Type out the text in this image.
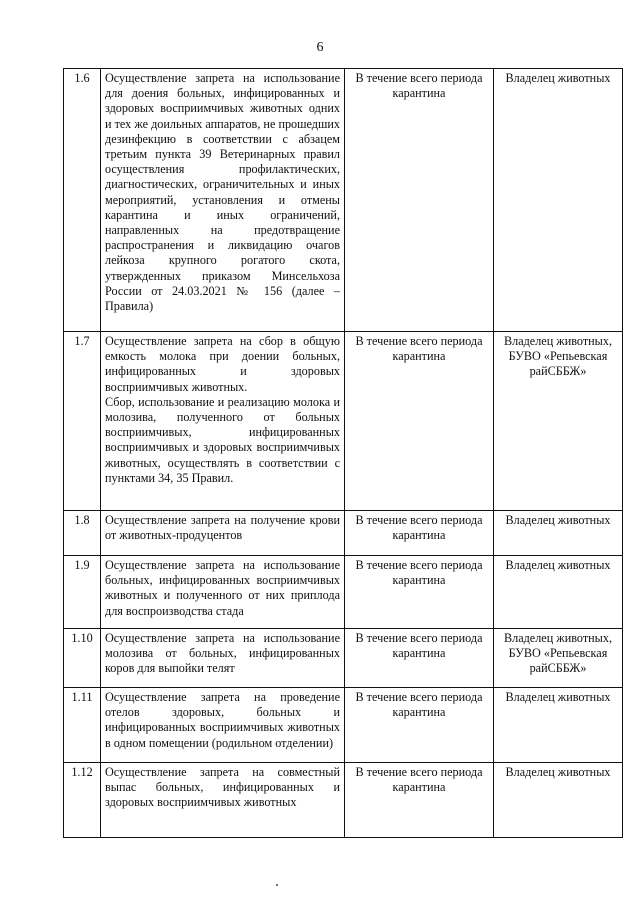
6
1.6	Осуществление запрета на использование для доения больных, инфицированных и здоровых восприимчивых животных одних и тех же доильных аппаратов, не прошедших дезинфекцию в соответствии с абзацем третьим пункта 39 Ветеринарных правил осуществления профилактических, диагностических, ограничительных и иных мероприятий, установления и отмены карантина и иных ограничений, направленных на предотвращение распространения и ликвидацию очагов лейкоза крупного рогатого скота, утвержденных приказом Минсельхоза России от 24.03.2021 № 156 (далее – Правила)	В течение всего периода карантина	Владелец животных
1.7	Осуществление запрета на сбор в общую емкость молока при доении больных, инфицированных и здоровых восприимчивых животных.
Сбор, использование и реализацию молока и молозива, полученного от больных восприимчивых, инфицированных восприимчивых и здоровых восприимчивых животных, осуществлять в соответствии с пунктами 34, 35 Правил.	В течение всего периода карантина	Владелец животных, БУВО «Репьевская райСББЖ»
1.8	Осуществление запрета на получение крови от животных-продуцентов	В течение всего периода карантина	Владелец животных
1.9	Осуществление запрета на использование больных, инфицированных восприимчивых животных и полученного от них приплода для воспроизводства стада	В течение всего периода карантина	Владелец животных
1.10	Осуществление запрета на использование молозива от больных, инфицированных коров для выпойки телят	В течение всего периода карантина	Владелец животных, БУВО «Репьевская райСББЖ»
1.11	Осуществление запрета на проведение отелов здоровых, больных и инфицированных восприимчивых животных в одном помещении (родильном отделении)	В течение всего периода карантина	Владелец животных
1.12	Осуществление запрета на совместный выпас больных, инфицированных и здоровых восприимчивых животных	В течение всего периода карантина	Владелец животных
